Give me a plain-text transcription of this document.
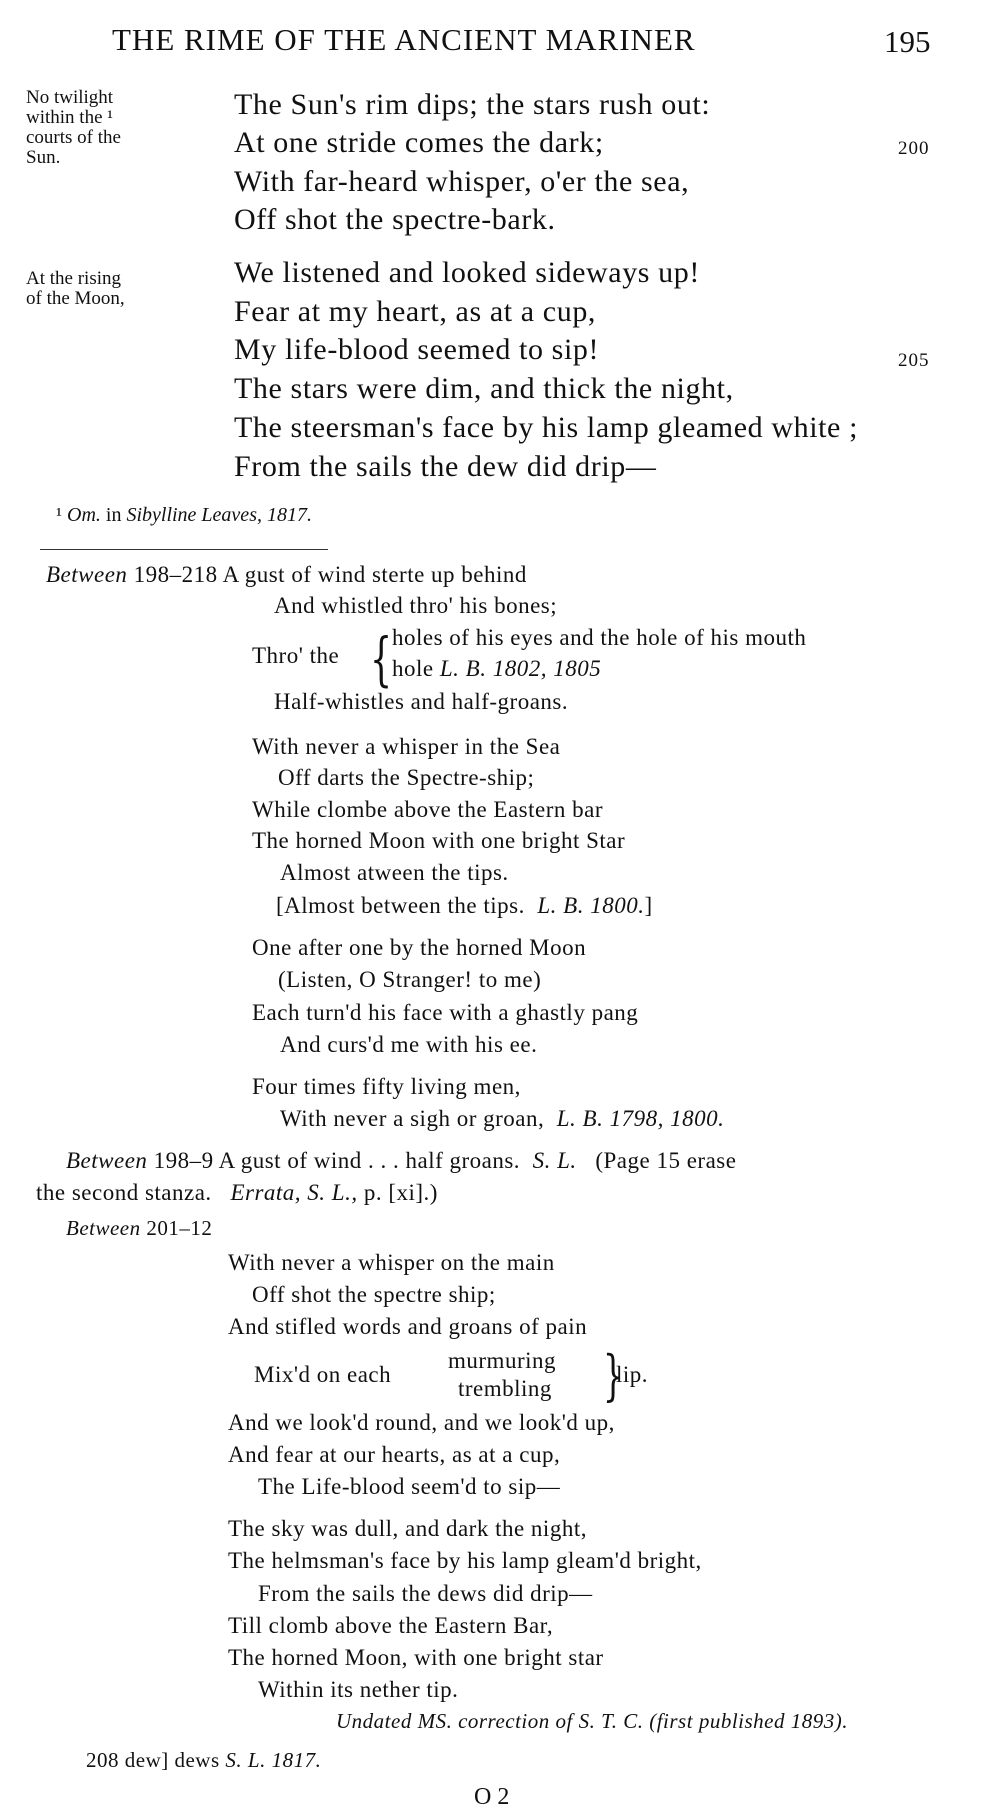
THE RIME OF THE ANCIENT MARINER	195
No twilight
within the ¹
courts of the
Sun.
The Sun's rim dips; the stars rush out:
At one stride comes the dark;	200
With far-heard whisper, o'er the sea,
Off shot the spectre-bark.
At the rising
of the Moon,
We listened and looked sideways up!
Fear at my heart, as at a cup,
My life-blood seemed to sip!	205
The stars were dim, and thick the night,
The steersman's face by his lamp gleamed white ;
From the sails the dew did drip—
¹ Om. in Sibylline Leaves, 1817.
Between 198–218 A gust of wind sterte up behind
And whistled thro' his bones;
Thro' the { holes of his eyes and the hole of his mouth
hole L. B. 1802, 1805
Half-whistles and half-groans.
With never a whisper in the Sea
Off darts the Spectre-ship;
While clombe above the Eastern bar
The horned Moon with one bright Star
Almost atween the tips.
[Almost between the tips. L. B. 1800.]
One after one by the horned Moon
(Listen, O Stranger! to me)
Each turn'd his face with a ghastly pang
And curs'd me with his ee.
Four times fifty living men,
With never a sigh or groan, L. B. 1798, 1800.
Between 198–9 A gust of wind . . . half groans. S. L. (Page 15 erase
the second stanza. Errata, S. L., p. [xi].)
Between 201–12
With never a whisper on the main
Off shot the spectre ship;
And stifled words and groans of pain
Mix'd on each
murmuring
trembling {
lip.
And we look'd round, and we look'd up,
And fear at our hearts, as at a cup,
The Life-blood seem'd to sip—
The sky was dull, and dark the night,
The helmsman's face by his lamp gleam'd bright,
From the sails the dews did drip—
Till clomb above the Eastern Bar,
The horned Moon, with one bright star
Within its nether tip.
Undated MS. correction of S. T. C. (first published 1893).
208 dew] dews S. L. 1817.
O 2
